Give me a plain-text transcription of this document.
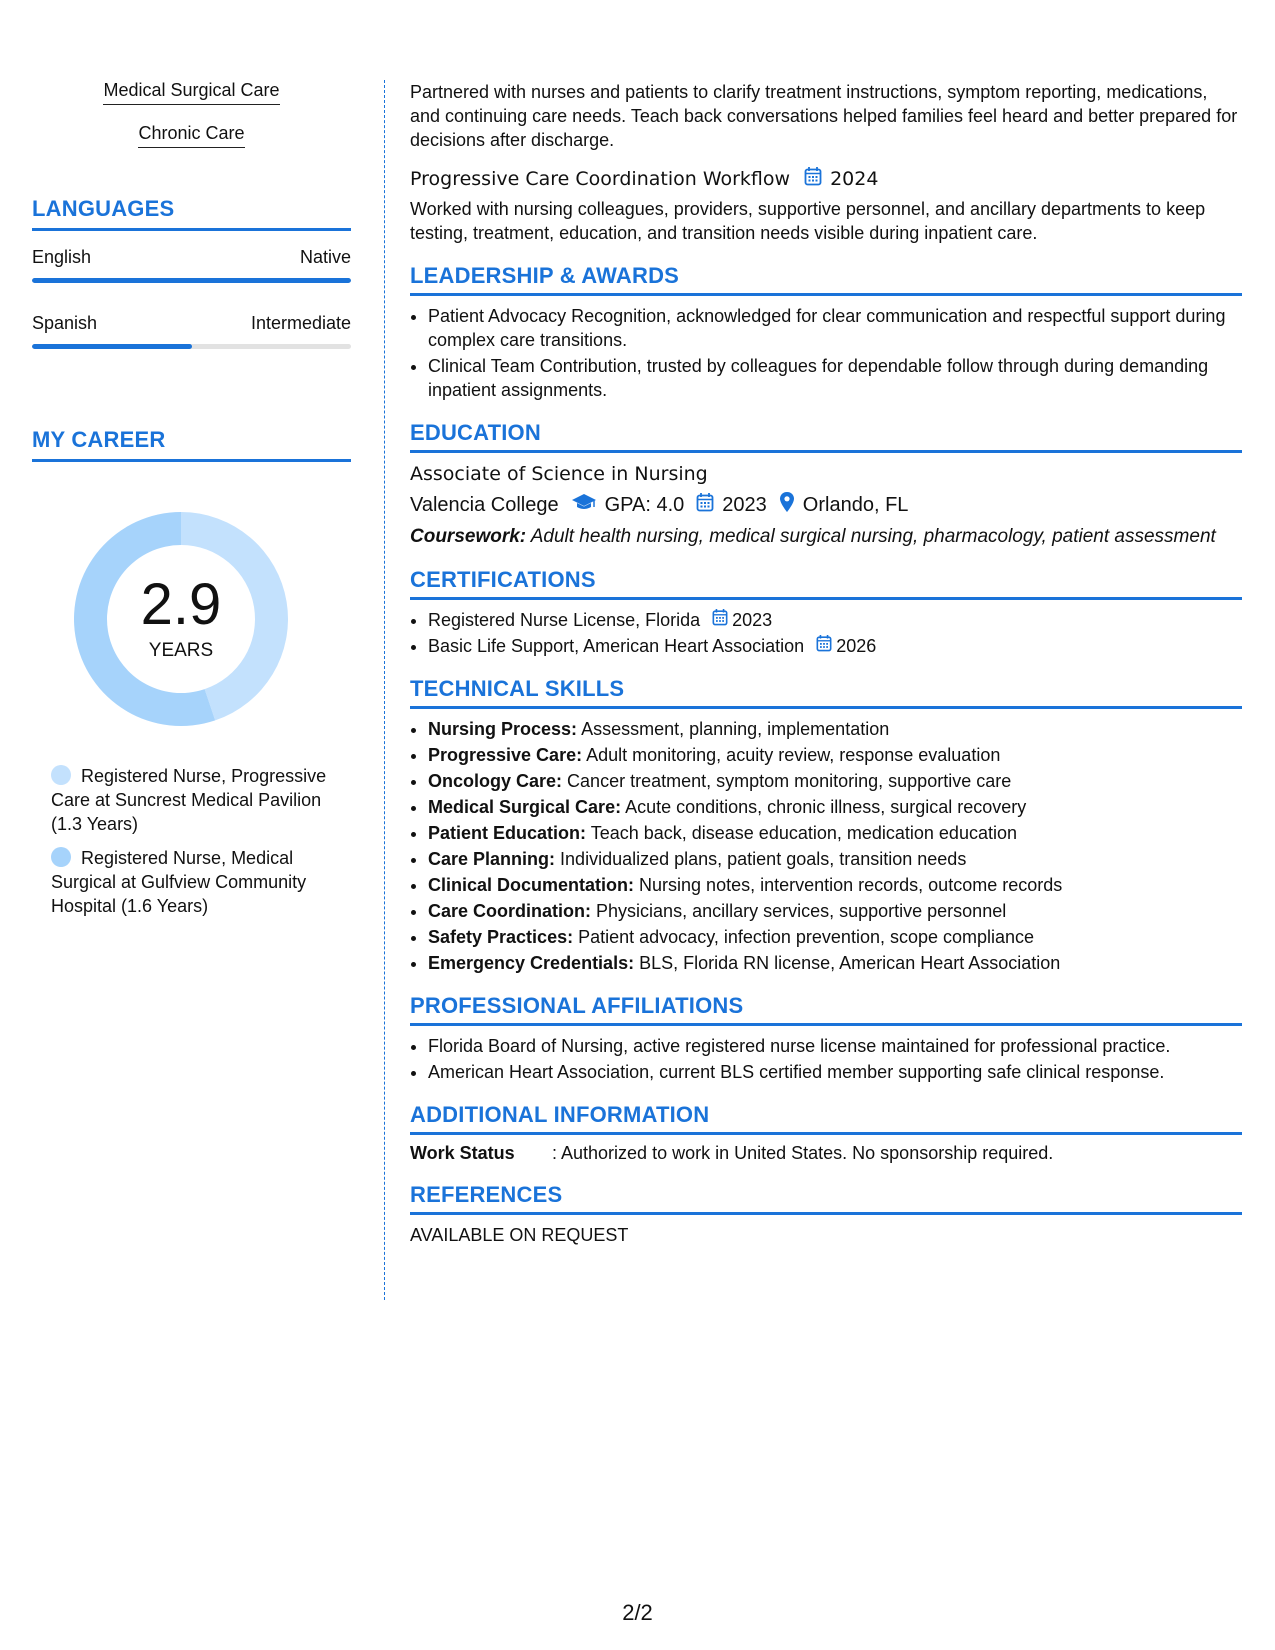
Medical Surgical Care
Chronic Care
LANGUAGES
English	Native
Spanish	Intermediate
MY CAREER
2.9
YEARS
Registered Nurse, Progressive Care at Suncrest Medical Pavilion (1.3 Years)
Registered Nurse, Medical Surgical at Gulfview Community Hospital (1.6 Years)

Partnered with nurses and patients to clarify treatment instructions, symptom reporting, medications, and continuing care needs. Teach back conversations helped families feel heard and better prepared for decisions after discharge.

Progressive Care Coordination Workflow 2024

Worked with nursing colleagues, providers, supportive personnel, and ancillary departments to keep testing, treatment, education, and transition needs visible during inpatient care.

LEADERSHIP & AWARDS
• Patient Advocacy Recognition, acknowledged for clear communication and respectful support during complex care transitions.
• Clinical Team Contribution, trusted by colleagues for dependable follow through during demanding inpatient assignments.
EDUCATION
Associate of Science in Nursing
Valencia College GPA: 4.0 2023 Orlando, FL
Coursework: Adult health nursing, medical surgical nursing, pharmacology, patient assessment
CERTIFICATIONS
• Registered Nurse License, Florida 2023
• Basic Life Support, American Heart Association 2026
TECHNICAL SKILLS
• Nursing Process: Assessment, planning, implementation
• Progressive Care: Adult monitoring, acuity review, response evaluation
• Oncology Care: Cancer treatment, symptom monitoring, supportive care
• Medical Surgical Care: Acute conditions, chronic illness, surgical recovery
• Patient Education: Teach back, disease education, medication education
• Care Planning: Individualized plans, patient goals, transition needs
• Clinical Documentation: Nursing notes, intervention records, outcome records
• Care Coordination: Physicians, ancillary services, supportive personnel
• Safety Practices: Patient advocacy, infection prevention, scope compliance
• Emergency Credentials: BLS, Florida RN license, American Heart Association
PROFESSIONAL AFFILIATIONS
• Florida Board of Nursing, active registered nurse license maintained for professional practice.
• American Heart Association, current BLS certified member supporting safe clinical response.
ADDITIONAL INFORMATION
Work Status	: Authorized to work in United States. No sponsorship required.
REFERENCES
AVAILABLE ON REQUEST
2/2
